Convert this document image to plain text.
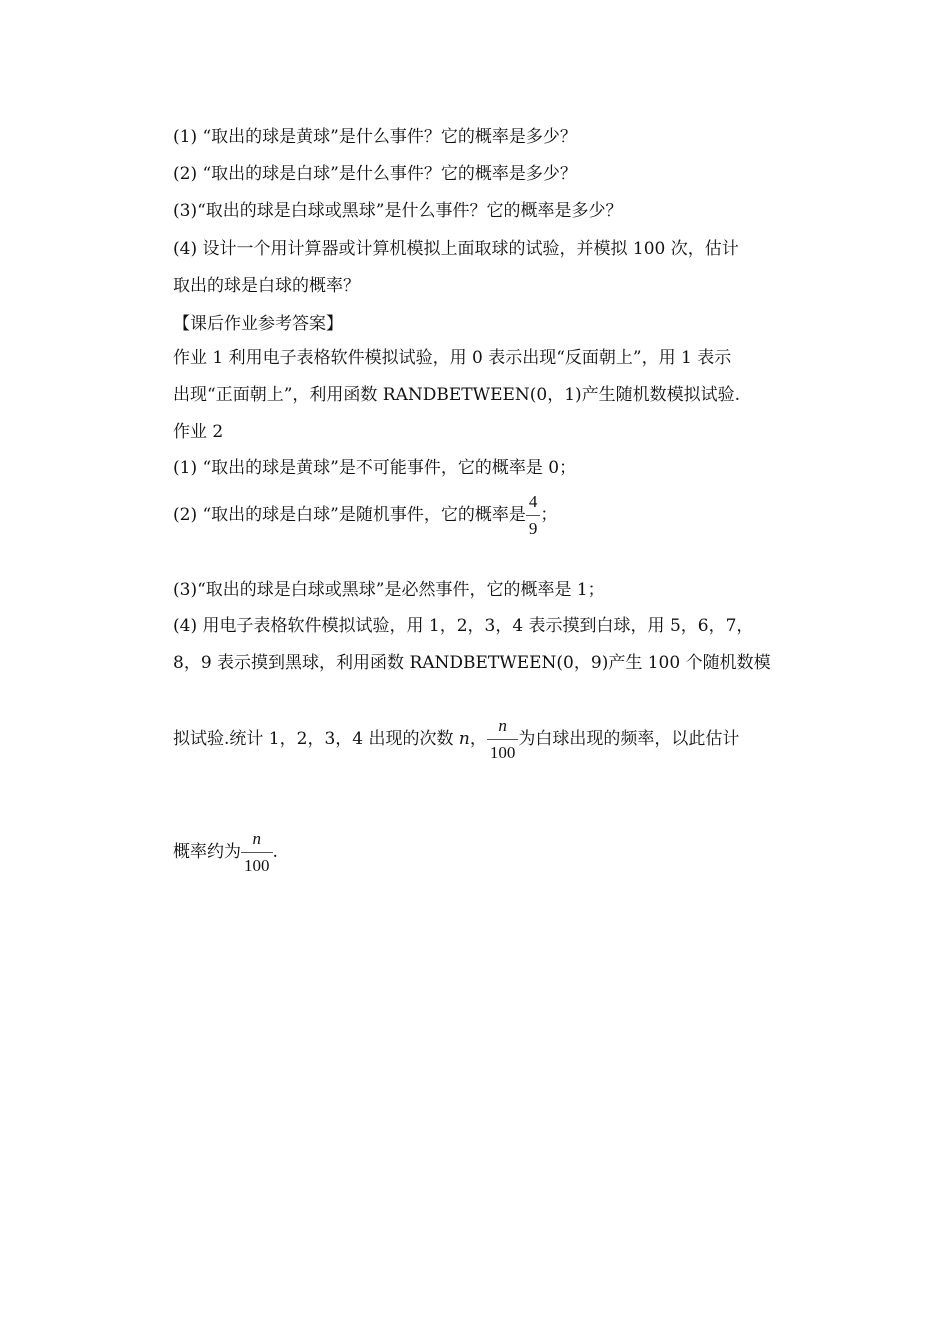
(1) “取出的球是黄球”是什么事件？它的概率是多少？
(2) “取出的球是白球”是什么事件？它的概率是多少？
(3)“取出的球是白球或黑球”是什么事件？它的概率是多少？
(4) 设计一个用计算器或计算机模拟上面取球的试验，并模拟 100 次，估计
取出的球是白球的概率？
【课后作业参考答案】
作业 1 利用电子表格软件模拟试验，用 0 表示出现“反面朝上”，用 1 表示
出现“正面朝上”，利用函数 RANDBETWEEN(0，1)产生随机数模拟试验.
作业 2
(1) “取出的球是黄球”是不可能事件，它的概率是 0；
(2) “取出的球是白球”是随机事件，它的概率是 $\frac{4}{9}$ ；
(3)“取出的球是白球或黑球”是必然事件，它的概率是 1；
(4) 用电子表格软件模拟试验，用 1，2，3，4 表示摸到白球，用 5，6，7，
8，9 表示摸到黑球，利用函数 RANDBETWEEN(0，9)产生 100 个随机数模
拟试验.统计 1，2，3，4 出现的次数 n， $\frac{n}{100}$ 为白球出现的频率，以此估计
概率约为 $\frac{n}{100}$ .
